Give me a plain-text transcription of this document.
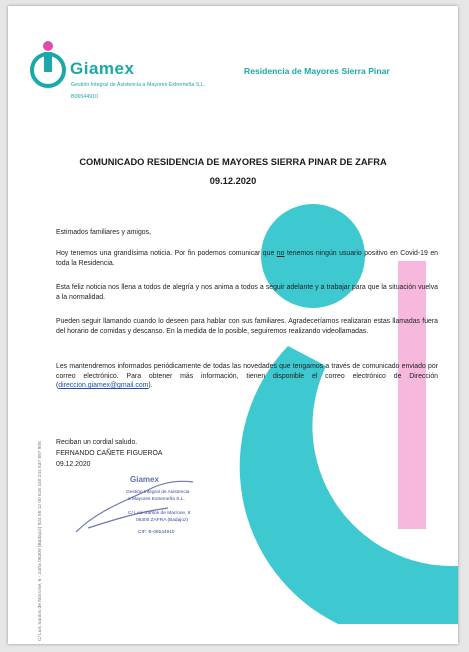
Giamex
Gestión Integral de Asistencia a Mayores Extremeña S.L.
B06544910
Residencia de Mayores Sierra Pinar
COMUNICADO RESIDENCIA DE MAYORES SIERRA PINAR DE ZAFRA
09.12.2020
Estimados familiares y amigos,
Hoy tenemos una grandísima noticia. Por fin podemos comunicar que no tenemos ningún usuario positivo en Covid-19 en toda la Residencia.
Esta feliz noticia nos llena a todos de alegría y nos anima a todos a seguir adelante y a trabajar para que la situación vuelva a la normalidad.
Pueden seguir llamando cuando lo deseen para hablar con sus familiares. Agradeceríamos realizaran estas llamadas fuera del horario de comidas y descanso. En la medida de lo posible, seguiremos realizando videollamadas.
Les mantendremos informados periódicamente de todas las novedades que tengamos a través de comunicado enviado por correo electrónico. Para obtener más información, tienen disponible el correo electrónico de Dirección (direccion.giamex@gmail.com).
Reciban un cordial saludo.
FERNANDO CAÑETE FIGUEROA
09.12.2020
C/ Luis Santos de Marrone, 6 - Zafra 06300 (Badajoz) 924 55 12 00 616 440 244 637 897 905	Giamex
Gestión Integral de Asistencia
a Mayores Extremeña S.L.
C/ Luis Santos de Marrone, 6
06300 ZAFRA (Badajoz)
CIF: B-06544910
